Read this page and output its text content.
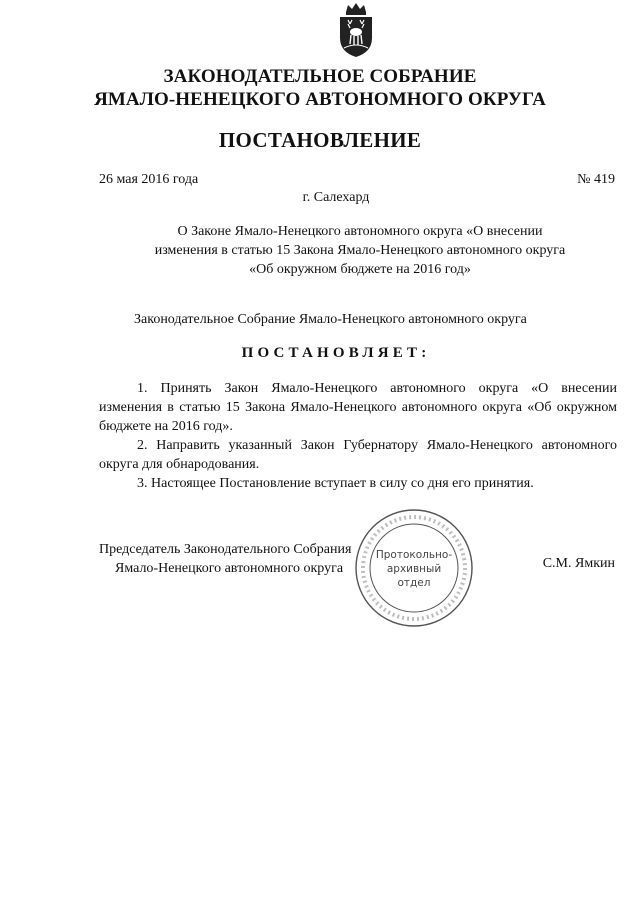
ЗАКОНОДАТЕЛЬНОЕ СОБРАНИЕ
ЯМАЛО-НЕНЕЦКОГО АВТОНОМНОГО ОКРУГА
ПОСТАНОВЛЕНИЕ
26 мая 2016 года	№ 419
г. Салехард
О Законе Ямало-Ненецкого автономного округа «О внесении
изменения в статью 15 Закона Ямало-Ненецкого автономного округа
«Об окружном бюджете на 2016 год»
Законодательное Собрание Ямало-Ненецкого автономного округа
ПОСТАНОВЛЯЕТ:

1. Принять Закон Ямало-Ненецкого автономного округа «О внесении изменения в статью 15 Закона Ямало-Ненецкого автономного округа «Об окружном бюджете на 2016 год».

2. Направить указанный Закон Губернатору Ямало-Ненецкого автономного округа для обнародования.

3. Настоящее Постановление вступает в силу со дня его принятия.

Председатель Законодательного Собрания
Ямало-Ненецкого автономного округа	С.М. Ямкин
Протокольно-
архивный
отдел
